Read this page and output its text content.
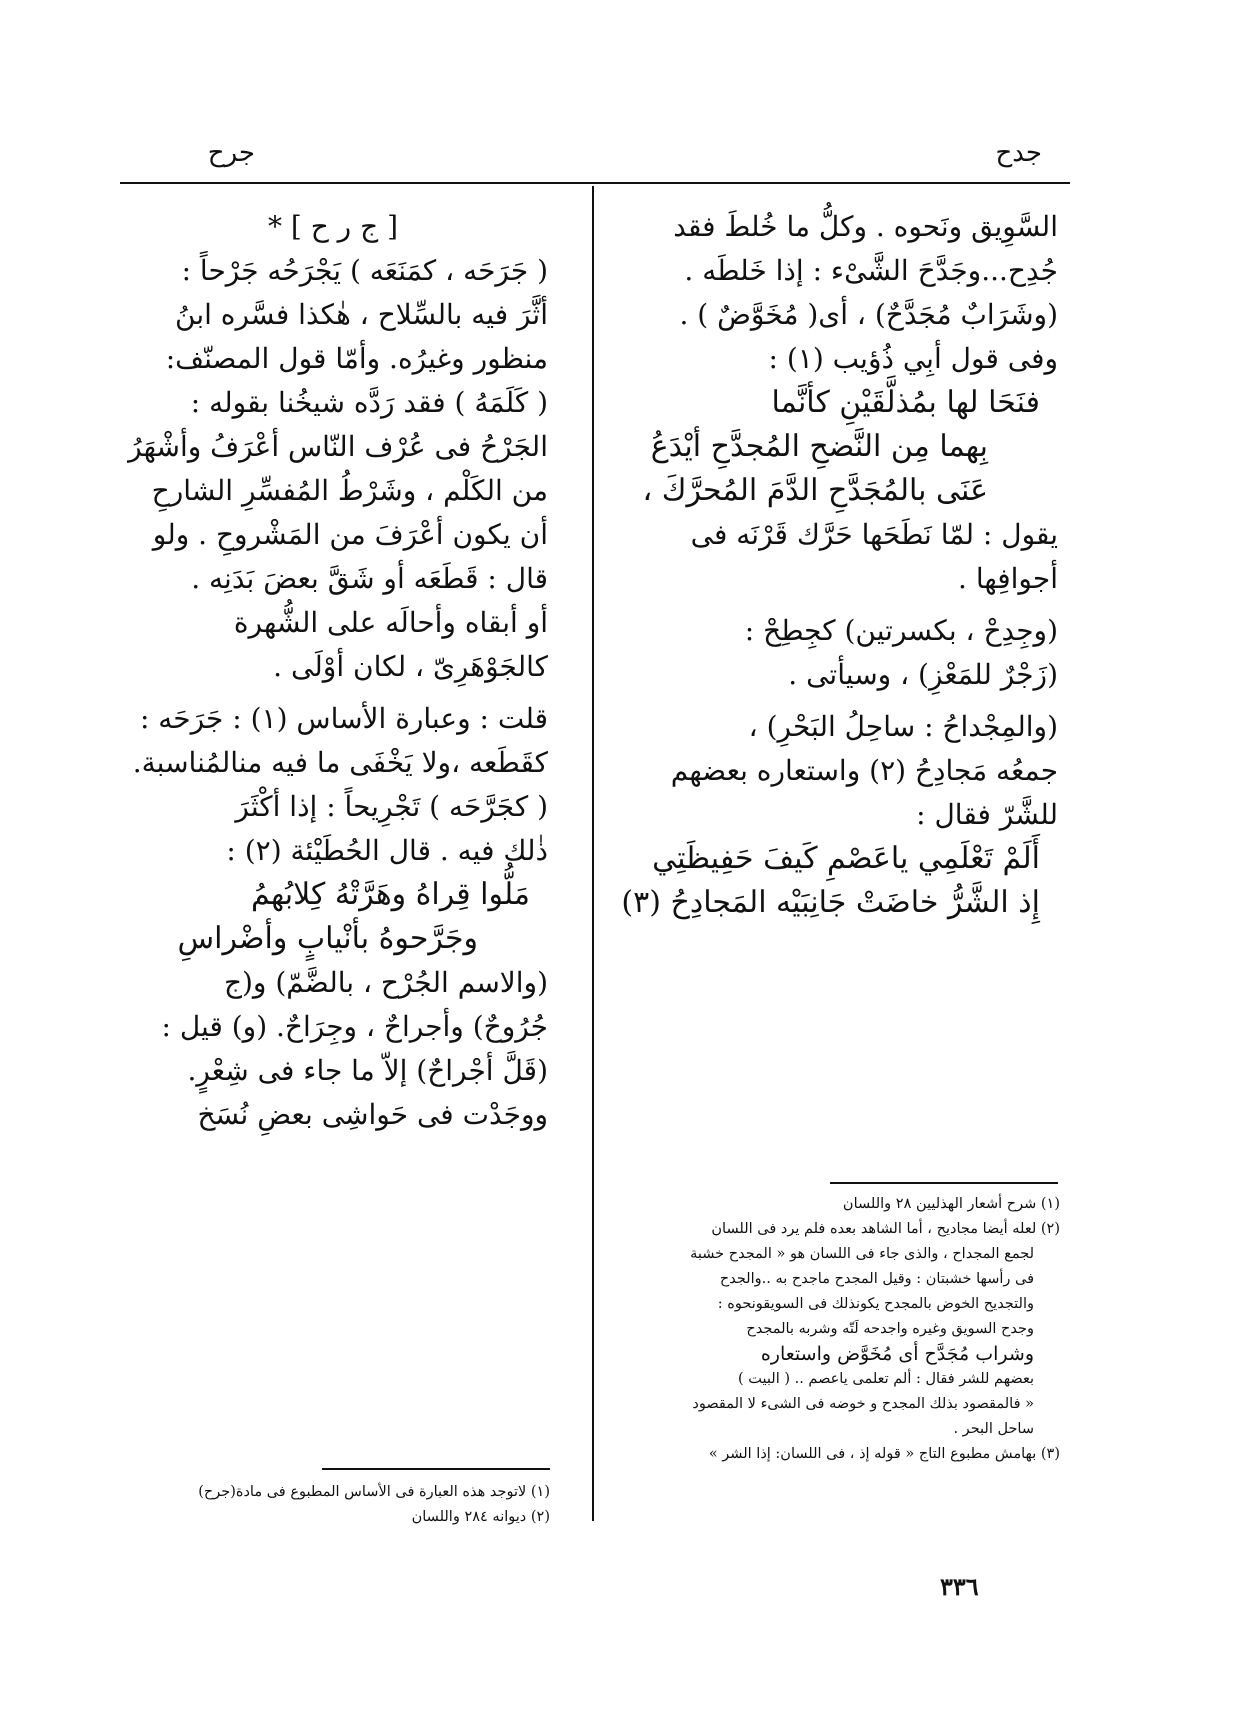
جدح
جرح

السَّوِيق ونَحوه . وكلُّ ما خُلطَ فقد

جُدِح...وجَدَّحَ الشَّىْء : إذا خَلطَه .

(وشَرَابٌ مُجَدَّحٌ) ، أى( مُخَوَّضٌ ) .

وفى قول أبِي ذُؤيب (١) :

فنَحَا لها بمُذلَّقَيْنِ كأنَّما

بِهما مِن النَّضحِ المُجدَّحِ أيْدَعُ

عَنَى بالمُجَدَّحِ الدَّمَ المُحرَّكَ ،

يقول : لمّا نَطَحَها حَرَّك قَرْنَه فى

أجوافِها .

(وجِدِحْ ، بكسرتين) كجِطِحْ :

(زَجْرٌ للمَعْزِ) ، وسيأتى .

(والمِجْداحُ : ساحِلُ البَحْرِ) ،

جمعُه مَجادِحُ (٢) واستعاره بعضهم

للشَّرّ فقال :

أَلَمْ تَعْلَمِي ياعَصْمِ كَيفَ حَفِيظَتِي

إِذ الشَّرُّ خاضَتْ جَانِبَيْه المَجادِحُ (٣)

[ ج ر ح ] *

( جَرَحَه ، كمَنَعَه ) يَجْرَحُه جَرْحاً :

أثَّرَ فيه بالسِّلاح ، هٰكذا فسَّره ابنُ

منظور وغيرُه. وأمّا قول المصنّف:

( كَلَمَهُ ) فقد رَدَّه شيخُنا بقوله :

الجَرْحُ فى عُرْف النّاس أعْرَفُ وأشْهَرُ

من الكَلْم ، وشَرْطُ المُفسِّرِ الشارحِ

أن يكون أعْرَفَ من المَشْروحِ . ولو

قال : قَطَعَه أو شَقَّ بعضَ بَدَنِه .

أو أبقاه وأحالَه على الشُّهرة

كالجَوْهَرِىّ ، لكان أوْلَى .

قلت : وعبارة الأساس (١) : جَرَحَه :

كقَطَعه ،ولا يَخْفَى ما فيه منالمُناسبة.

( كجَرَّحَه ) تَجْرِيحاً : إذا أكْثَرَ

ذٰلك فيه . قال الحُطَيْئة (٢) :

مَلُّوا قِراهُ وهَرَّتْهُ كِلابُهمُ

وجَرَّحوهُ بأنْيابٍ وأضْراسِ

(والاسم الجُرْح ، بالضَّمّ) و(ج

جُرُوحٌ) وأجراحٌ ، وجِرَاحٌ. (و) قيل :

(قَلَّ أجْراحٌ) إلاّ ما جاء فى شِعْرٍ.

ووجَدْت فى حَواشِى بعضِ نُسَخ

(١) شرح أشعار الهذليين ٢٨ واللسان

(٢) لعله أيضا مجاديح ، أما الشاهد بعده فلم يرد فى اللسان

لجمع المجداح ، والذى جاء فى اللسان هو « المجدح خشبة

فى رأسها خشبتان : وقيل المجدح ماجدح به ..والجدح

والتجديح الخوض بالمجدح يكونذلك فى السويقونحوه :

وجدح السويق وغيره واجدحه لَتّه وشربه بالمجدح

وشراب مُجَدَّح أى مُخَوَّض واستعاره

بعضهم للشر فقال : ألم تعلمى ياعصم .. ( البيت )

« فالمقصود بذلك المجدح و خوضه فى الشىء لا المقصود

ساحل البحر .

(٣) بهامش مطبوع التاج « قوله إذ ، فى اللسان: إذا الشر »

(١) لاتوجد هذه العبارة فى الأساس المطبوع فى مادة(جرح)

(٢) ديوانه ٢٨٤ واللسان

٣٣٦
